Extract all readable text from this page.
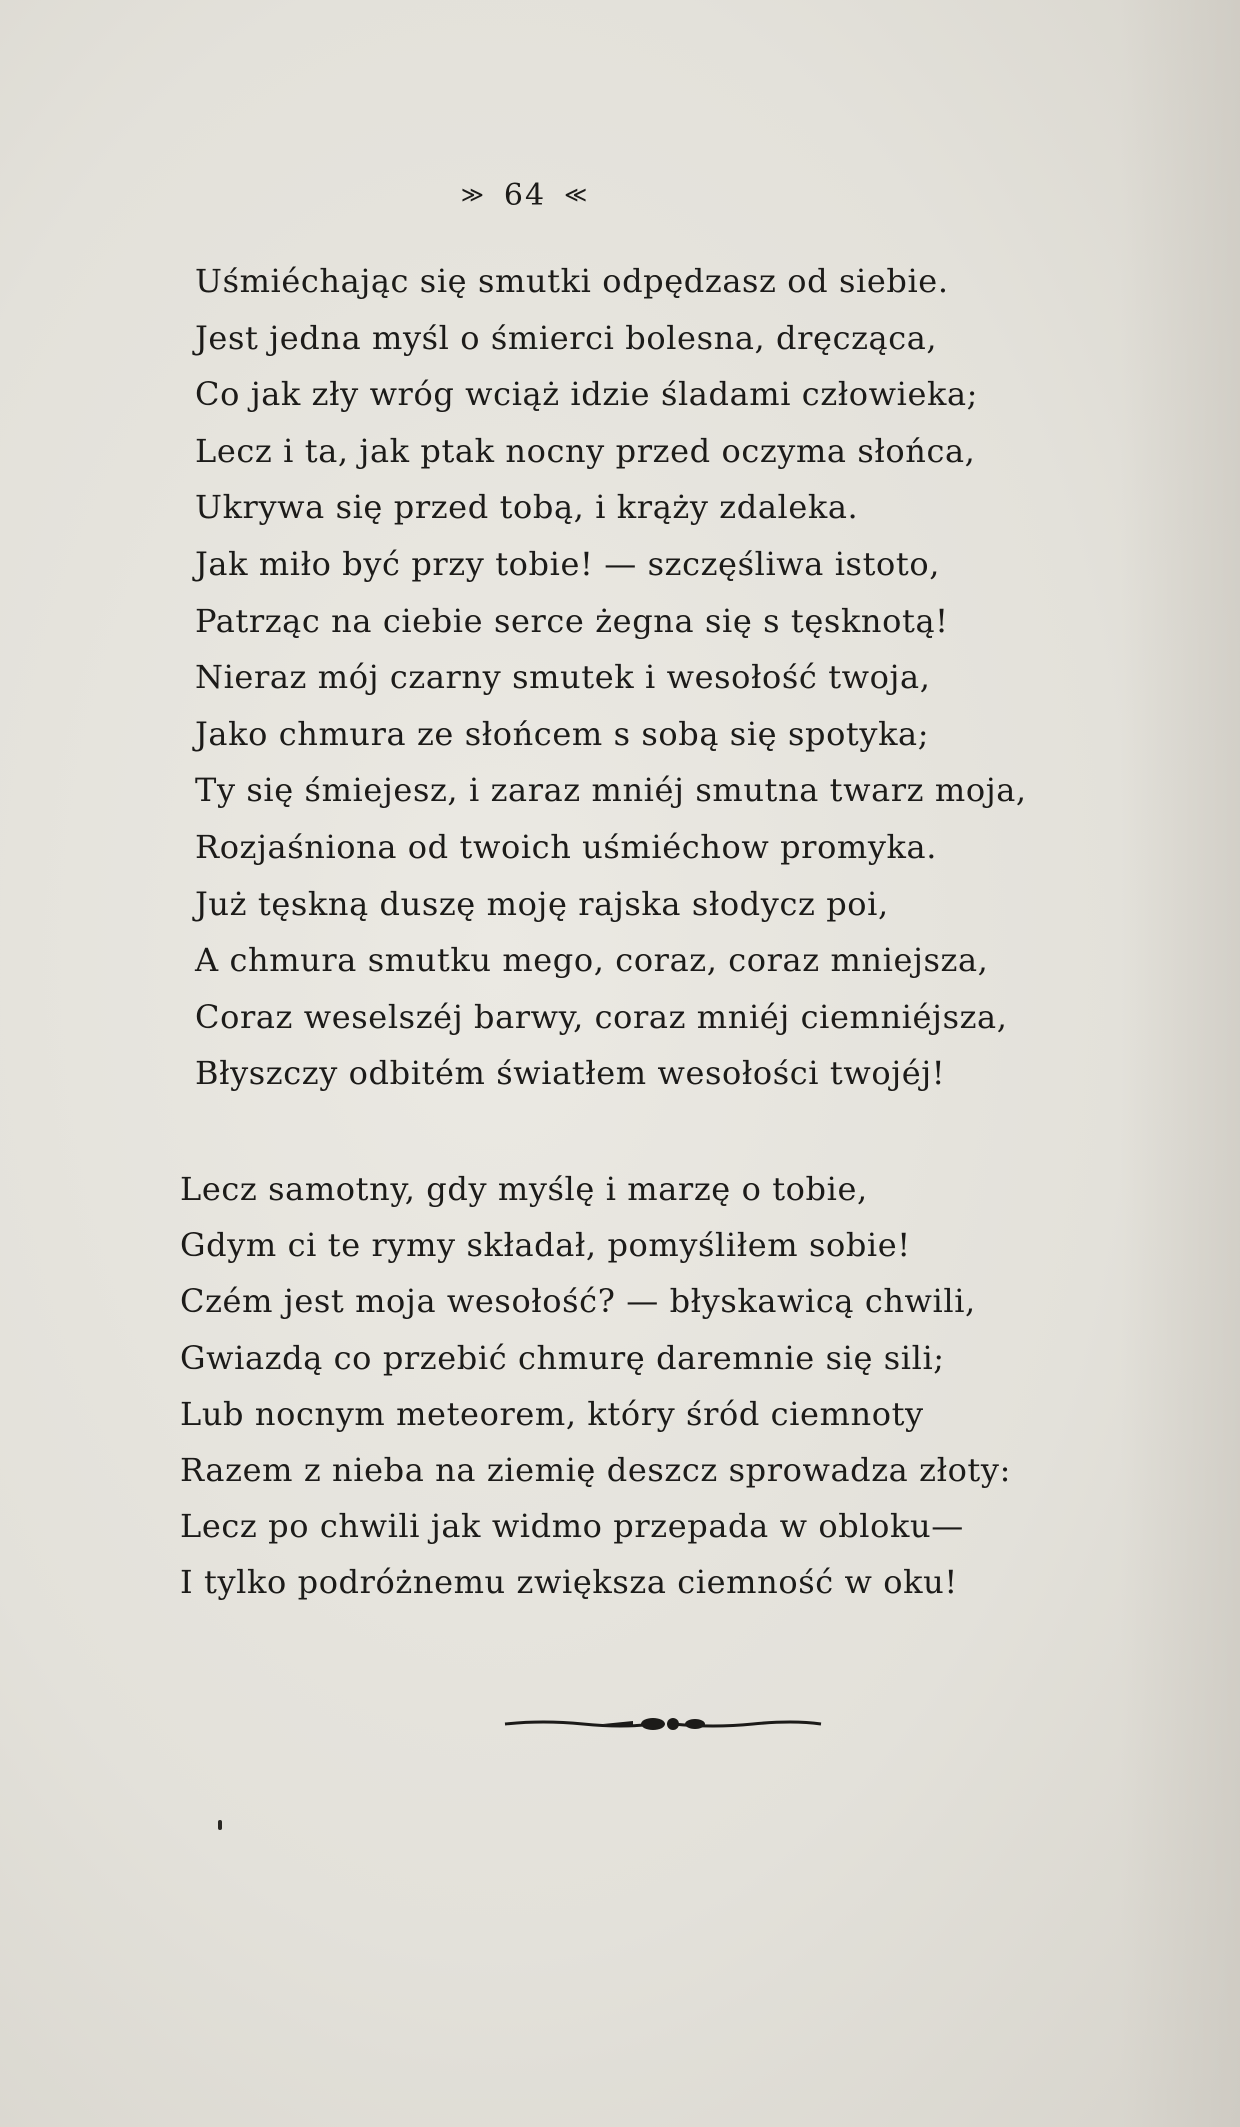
≫ 64 ≪
Uśmiéchając się smutki odpędzasz od siebie.
Jest jedna myśl o śmierci bolesna, dręcząca,
Co jak zły wróg wciąż idzie śladami człowieka;
Lecz i ta, jak ptak nocny przed oczyma słońca,
Ukrywa się przed tobą, i krąży zdaleka.
Jak miło być przy tobie! — szczęśliwa istoto,
Patrząc na ciebie serce żegna się s tęsknotą!
Nieraz mój czarny smutek i wesołość twoja,
Jako chmura ze słońcem s sobą się spotyka;
Ty się śmiejesz, i zaraz mniéj smutna twarz moja,
Rozjaśniona od twoich uśmiéchow promyka.
Już tęskną duszę moję rajska słodycz poi,
A chmura smutku mego, coraz, coraz mniejsza,
Coraz weselszéj barwy, coraz mniéj ciemniéjsza,
Błyszczy odbitém światłem wesołości twojéj!
Lecz samotny, gdy myślę i marzę o tobie,
Gdym ci te rymy składał, pomyśliłem sobie!
Czém jest moja wesołość? — błyskawicą chwili,
Gwiazdą co przebić chmurę daremnie się sili;
Lub nocnym meteorem, który śród ciemnoty
Razem z nieba na ziemię deszcz sprowadza złoty:
Lecz po chwili jak widmo przepada w obloku—
I tylko podróżnemu zwiększa ciemność w oku!
